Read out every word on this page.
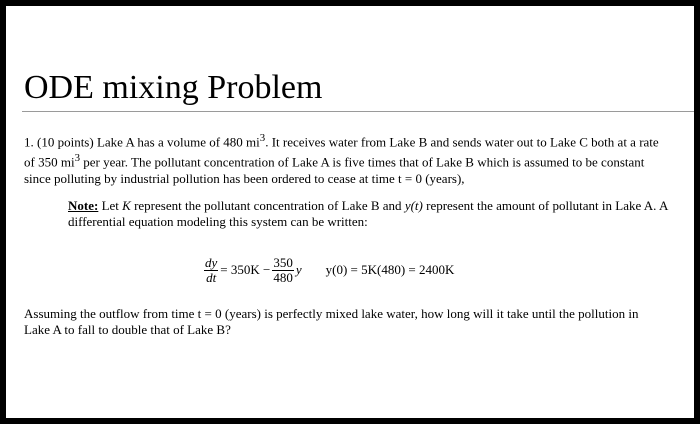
ODE mixing Problem

1. (10 points) Lake A has a volume of 480 $mi^3$. It receives water from Lake B and sends water out to Lake C both at a rate of 350 $mi^3$ per year. The pollutant concentration of Lake A is five times that of Lake B which is assumed to be constant since polluting by industrial pollution has been ordered to cease at time t = 0 (years),

Note: Let K represent the pollutant concentration of Lake B and y(t) represent the amount of pollutant in Lake A. A differential equation modeling this system can be written:

$\frac{dy}{dt} = 350K - \frac{350}{480}$ y y(0) = 5K(480) = 2400K

Assuming the outflow from time t = 0 (years) is perfectly mixed lake water, how long will it take until the pollution in Lake A to fall to double that of Lake B?
